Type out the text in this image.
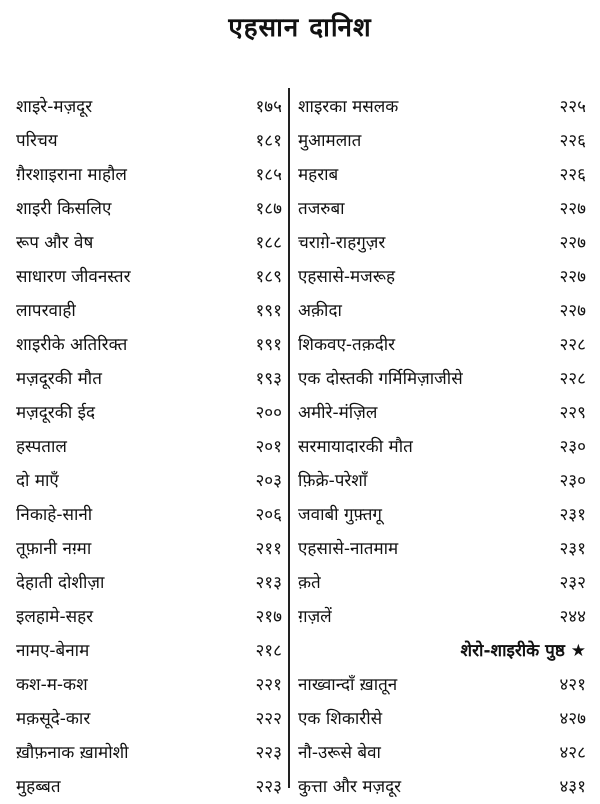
एहसान दानिश
शाइरे-मज़दूर	१७५
परिचय	१८१
ग़ैरशाइराना माहौल	१८५
शाइरी किसलिए	१८७
रूप और वेष	१८८
साधारण जीवनस्तर	१८९
लापरवाही	१९१
शाइरीके अतिरिक्त	१९१
मज़दूरकी मौत	१९३
मज़दूरकी ईद	२००
हस्पताल	२०१
दो माएँ	२०३
निकाहे-सानी	२०६
तूफ़ानी नग़्मा	२११
देहाती दोशीज़ा	२१३
इलहामे-सहर	२१७
नामए-बेनाम	२१८
कश-म-कश	२२१
मक़सूदे-कार	२२२
ख़ौफ़नाक ख़ामोशी	२२३
मुहब्बत	२२३
शाइरका मसलक	२२५
मुआमलात	२२६
महराब	२२६
तजरुबा	२२७
चराग़े-राहगुज़र	२२७
एहसासे-मजरूह	२२७
अक़ीदा	२२७
शिकवए-तक़दीर	२२८
एक दोस्तकी गर्मिमिज़ाजीसे	२२८
अमीरे-मंज़िल	२२९
सरमायादारकी मौत	२३०
फ़िक्रे-परेशाँ	२३०
जवाबी गुफ़्तगू	२३१
एहसासे-नातमाम	२३१
क़ते	२३२
ग़ज़लें	२४४
शेरो-शाइरीके पुष्ठ ★
नाख्वान्दाँ ख़ातून	४२१
एक शिकारीसे	४२७
नौ-उरूसे बेवा	४२८
कुत्ता और मज़दूर	४३१
